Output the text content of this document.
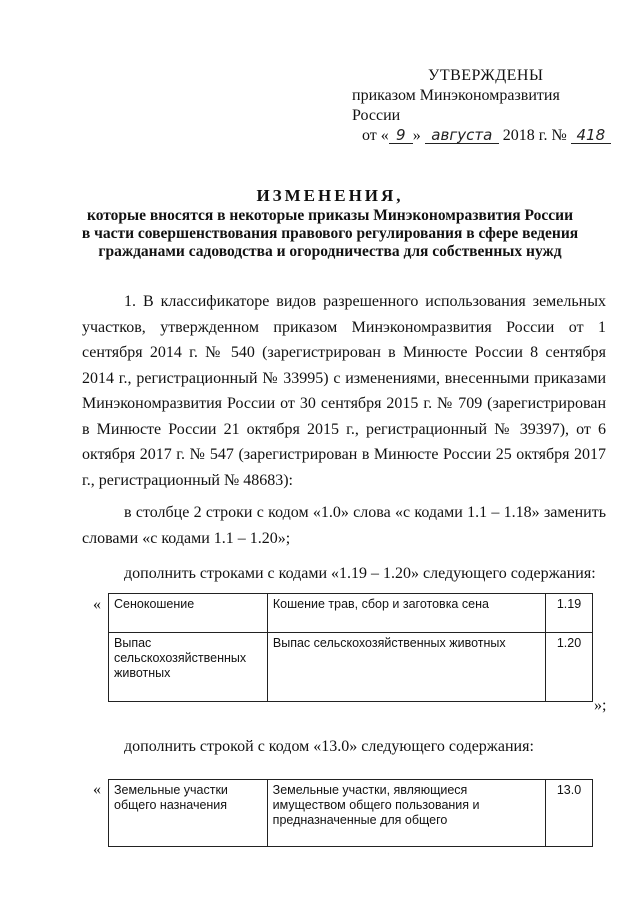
УТВЕРЖДЕНЫ
приказом Минэкономразвития России
от « 9 » августа 2018 г. № 418
ИЗМЕНЕНИЯ,
которые вносятся в некоторые приказы Минэкономразвития России
в части совершенствования правового регулирования в сфере ведения
гражданами садоводства и огородничества для собственных нужд

1. В классификаторе видов разрешенного использования земельных участков, утвержденном приказом Минэкономразвития России от 1 сентября 2014 г. № 540 (зарегистрирован в Минюсте России 8 сентября 2014 г., регистрационный № 33995) с изменениями, внесенными приказами Минэкономразвития России от 30 сентября 2015 г. № 709 (зарегистрирован в Минюсте России 21 октября 2015 г., регистрационный № 39397), от 6 октября 2017 г. № 547 (зарегистрирован в Минюсте России 25 октября 2017 г., регистрационный № 48683):

в столбце 2 строки с кодом «1.0» слова «с кодами 1.1 – 1.18» заменить словами «с кодами 1.1 – 1.20»;

дополнить строками с кодами «1.19 – 1.20» следующего содержания:

« Сенокошение	Кошение трав, сбор и заготовка сена	1.19
Выпас сельскохозяйственных животных	Выпас сельскохозяйственных животных	1.20
»;
дополнить строкой с кодом «13.0» следующего содержания:
« Земельные участки общего назначения	Земельные участки, являющиеся имуществом общего пользования и предназначенные для общего	13.0
